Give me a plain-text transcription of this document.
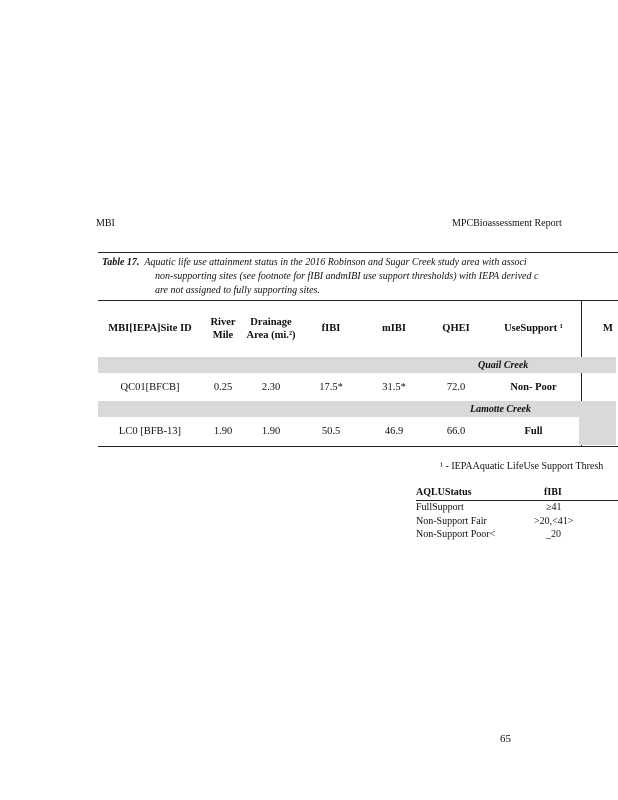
MBI	MPCBioassessment Report
Table 17. Aquatic life use attainment status in the 2016 Robinson and Sugar Creek study area with associ
non-supporting sites (see footnote for fIBI andmIBI use support thresholds) with IEPA derived c
are not assigned to fully supporting sites.
MBI[IEPA]Site ID	River Mile	Drainage Area (mi.²)	fIBI	mIBI	QHEI	UseSupport ¹	M
Quail Creek							
QC01[BFCB]	0.25	2.30	17.5*	31.5*	72.0	Non- Poor	
Lamotte Creek							
LC0 [BFB-13]	1.90	1.90	50.5	46.9	66.0	Full	
¹ - IEPAAquatic LifeUse Support Thresh
AQLUStatus	fIBI
FullSupport	≥41
Non-Support Fair	>20,<41>
Non-Support Poor<	_20
65
